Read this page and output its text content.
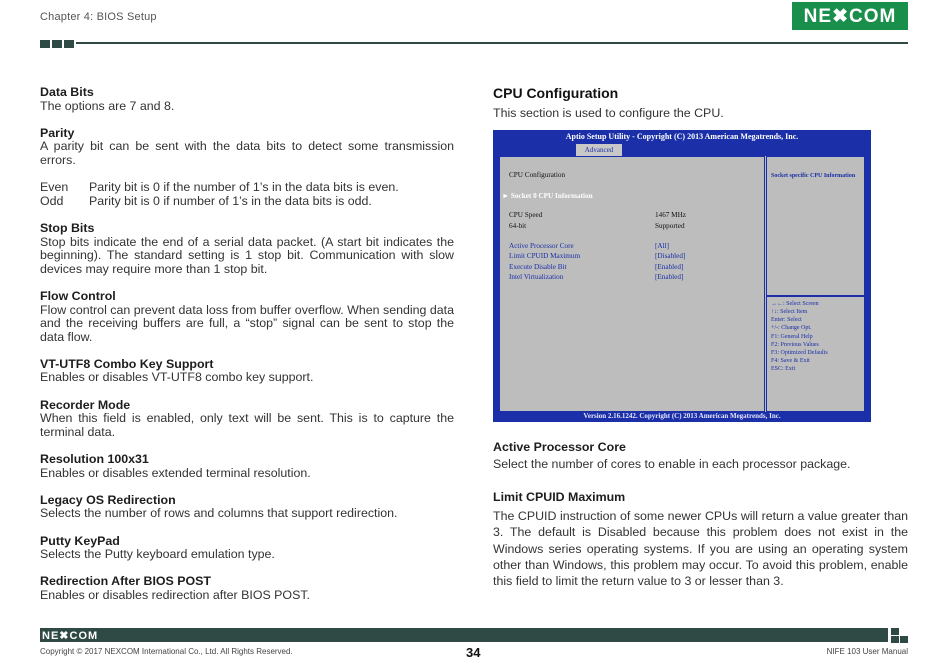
Chapter 4: BIOS Setup	NE✖COM
Data Bits
The options are 7 and 8.
Parity
A parity bit can be sent with the data bits to detect some transmission errors.
Even	Parity bit is 0 if the number of 1’s in the data bits is even.
Odd	Parity bit is 0 if number of 1’s in the data bits is odd.
Stop Bits
Stop bits indicate the end of a serial data packet. (A start bit indicates the beginning). The standard setting is 1 stop bit. Communication with slow devices may require more than 1 stop bit.
Flow Control
Flow control can prevent data loss from buffer overflow. When sending data and the receiving buffers are full, a “stop” signal can be sent to stop the data flow.
VT-UTF8 Combo Key Support
Enables or disables VT-UTF8 combo key support.
Recorder Mode
When this field is enabled, only text will be sent. This is to capture the terminal data.
Resolution 100x31
Enables or disables extended terminal resolution.
Legacy OS Redirection
Selects the number of rows and columns that support redirection.
Putty KeyPad
Selects the Putty keyboard emulation type.
Redirection After BIOS POST
Enables or disables redirection after BIOS POST.
CPU Configuration
This section is used to configure the CPU.
Aptio Setup Utility - Copyright (C) 2013 American Megatrends, Inc.
Advanced
CPU Configuration
► Socket 0 CPU Information
CPU Speed	1467 MHz
64-bit	Supported
Active Processor Core	[All]
Limit CPUID Maximum	[Disabled]
Execute Disable Bit	[Enabled]
Intel Virtualization	[Enabled]
Socket specific CPU Information
→←: Select Screen
↑↓: Select Item
Enter: Select
+/-: Change Opt.
F1: General Help
F2: Previous Values
F3: Optimized Defaults
F4: Save & Exit
ESC: Exit
Version 2.16.1242. Copyright (C) 2013 American Megatrends, Inc.
Active Processor Core
Select the number of cores to enable in each processor package.
Limit CPUID Maximum
The CPUID instruction of some newer CPUs will return a value greater than 3. The default is Disabled because this problem does not exist in the Windows series operating systems. If you are using an operating system other than Windows, this problem may occur. To avoid this problem, enable this field to limit the return value to 3 or lesser than 3.
NE✖COM
Copyright © 2017 NEXCOM International Co., Ltd. All Rights Reserved.	34	NIFE 103 User Manual
